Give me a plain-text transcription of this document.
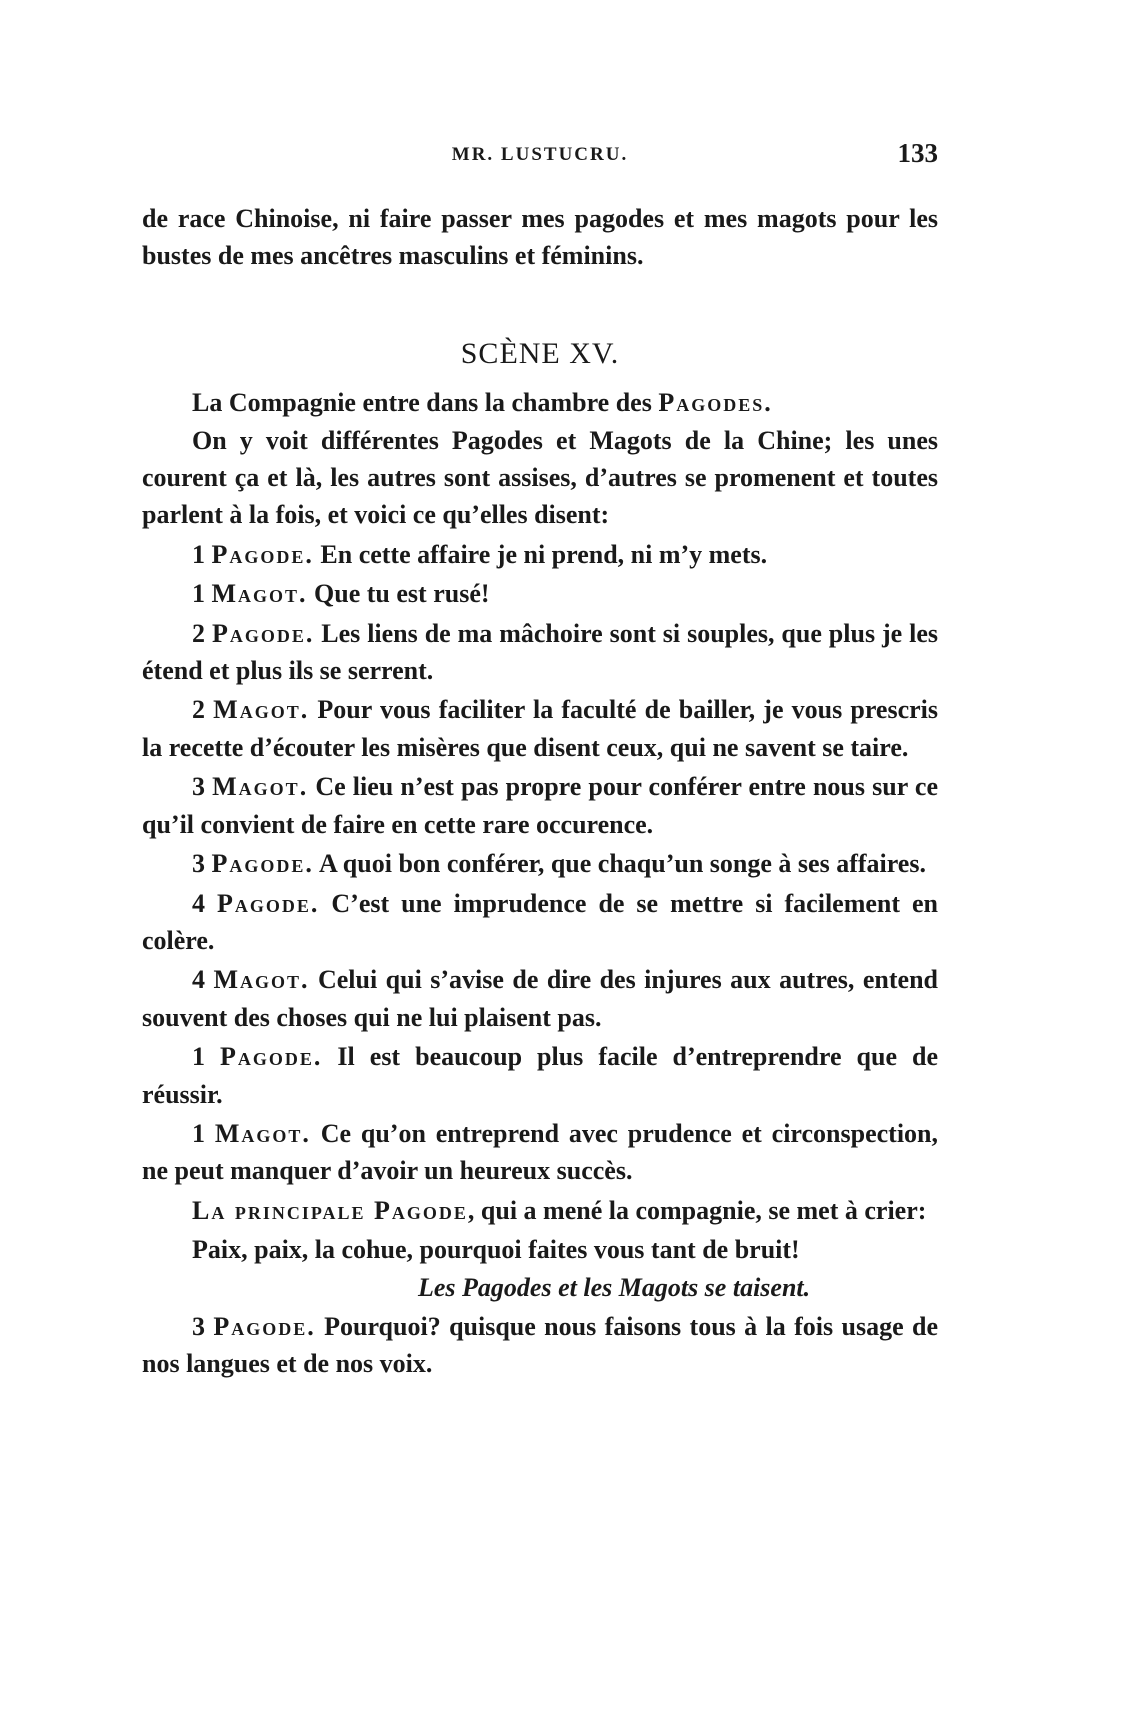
MR. LUSTUCRU.	133

de race Chinoise, ni faire passer mes pagodes et mes magots pour les bustes de mes ancêtres masculins et féminins.

SCÈNE XV.

La Compagnie entre dans la chambre des Pagodes.

On y voit différentes Pagodes et Magots de la Chine; les unes courent ça et là, les autres sont assises, d’autres se promenent et toutes parlent à la fois, et voici ce qu’elles disent:

1 Pagode. En cette affaire je ni prend, ni m’y mets.

1 Magot. Que tu est rusé!

2 Pagode. Les liens de ma mâchoire sont si souples, que plus je les étend et plus ils se serrent.

2 Magot. Pour vous faciliter la faculté de bailler, je vous prescris la recette d’écouter les misères que disent ceux, qui ne savent se taire.

3 Magot. Ce lieu n’est pas propre pour conférer entre nous sur ce qu’il convient de faire en cette rare occurence.

3 Pagode. A quoi bon conférer, que chaqu’un songe à ses affaires.

4 Pagode. C’est une imprudence de se mettre si facilement en colère.

4 Magot. Celui qui s’avise de dire des injures aux autres, entend souvent des choses qui ne lui plaisent pas.

1 Pagode. Il est beaucoup plus facile d’entreprendre que de réussir.

1 Magot. Ce qu’on entreprend avec prudence et circonspection, ne peut manquer d’avoir un heureux succès.

La principale Pagode, qui a mené la compagnie, se met à crier:

Paix, paix, la cohue, pourquoi faites vous tant de bruit!

Les Pagodes et les Magots se taisent.

3 Pagode. Pourquoi? quisque nous faisons tous à la fois usage de nos langues et de nos voix.
